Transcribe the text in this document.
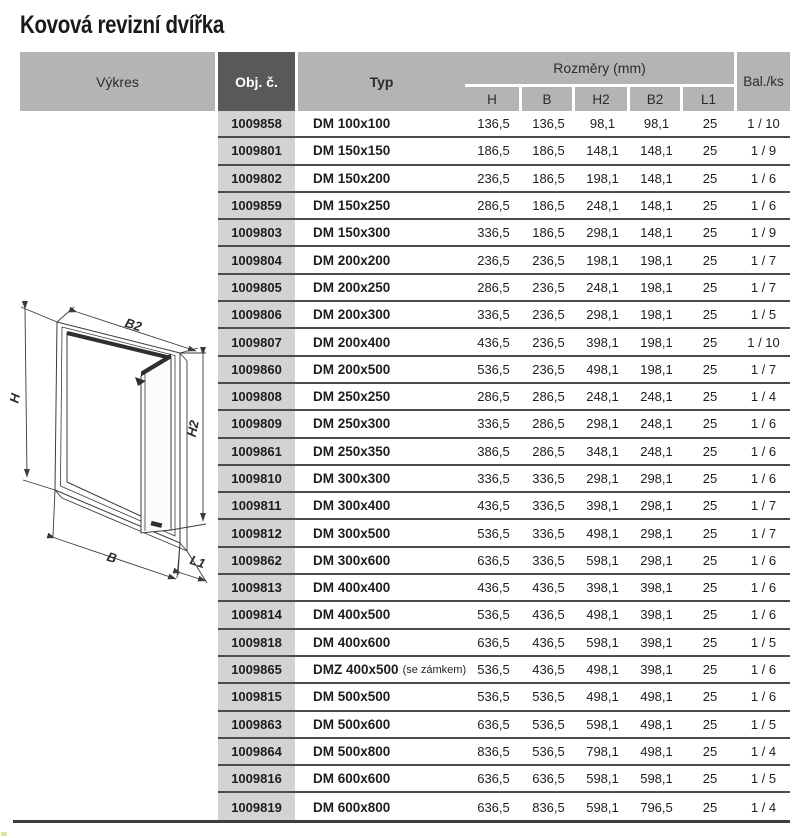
Kovová revizní dvířka
Výkres	Obj. č.	Typ
Rozměry (mm)
H	B	H2	B2	L1
Bal./ks
1009858	DM 100x100	136,5	136,5	98,1	98,1	25	1 / 10
1009801	DM 150x150	186,5	186,5	148,1	148,1	25	1 / 9
1009802	DM 150x200	236,5	186,5	198,1	148,1	25	1 / 6
1009859	DM 150x250	286,5	186,5	248,1	148,1	25	1 / 6
1009803	DM 150x300	336,5	186,5	298,1	148,1	25	1 / 9
1009804	DM 200x200	236,5	236,5	198,1	198,1	25	1 / 7
1009805	DM 200x250	286,5	236,5	248,1	198,1	25	1 / 7
1009806	DM 200x300	336,5	236,5	298,1	198,1	25	1 / 5
1009807	DM 200x400	436,5	236,5	398,1	198,1	25	1 / 10
1009860	DM 200x500	536,5	236,5	498,1	198,1	25	1 / 7
1009808	DM 250x250	286,5	286,5	248,1	248,1	25	1 / 4
1009809	DM 250x300	336,5	286,5	298,1	248,1	25	1 / 6
1009861	DM 250x350	386,5	286,5	348,1	248,1	25	1 / 6
1009810	DM 300x300	336,5	336,5	298,1	298,1	25	1 / 6
1009811	DM 300x400	436,5	336,5	398,1	298,1	25	1 / 7
1009812	DM 300x500	536,5	336,5	498,1	298,1	25	1 / 7
1009862	DM 300x600	636,5	336,5	598,1	298,1	25	1 / 6
1009813	DM 400x400	436,5	436,5	398,1	398,1	25	1 / 6
1009814	DM 400x500	536,5	436,5	498,1	398,1	25	1 / 6
1009818	DM 400x600	636,5	436,5	598,1	398,1	25	1 / 5
1009865	DMZ 400x500 (se zámkem) 536,5	436,5	498,1	398,1	25	1 / 6
1009815	DM 500x500	536,5	536,5	498,1	498,1	25	1 / 6
1009863	DM 500x600	636,5	536,5	598,1	498,1	25	1 / 5
1009864	DM 500x800	836,5	536,5	798,1	498,1	25	1 / 4
1009816	DM 600x600	636,5	636,5	598,1	598,1	25	1 / 5
1009819	DM 600x800	636,5	836,5	598,1	796,5	25	1 / 4
H
B2
H2
B	L1
